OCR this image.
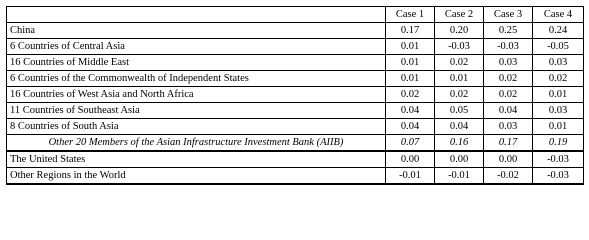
	Case 1	Case 2	Case 3	Case 4
China	0.17	0.20	0.25	0.24
6 Countries of Central Asia	0.01	-0.03	-0.03	-0.05
16 Countries of Middle East	0.01	0.02	0.03	0.03
6 Countries of the Commonwealth of Independent States	0.01	0.01	0.02	0.02
16 Countries of West Asia and North Africa	0.02	0.02	0.02	0.01
11 Countries of Southeast Asia	0.04	0.05	0.04	0.03
8 Countries of South Asia	0.04	0.04	0.03	0.01
Other 20 Members of the Asian Infrastructure Investment Bank (AIIB)	0.07	0.16	0.17	0.19
The United States	0.00	0.00	0.00	-0.03
Other Regions in the World	-0.01	-0.01	-0.02	-0.03
